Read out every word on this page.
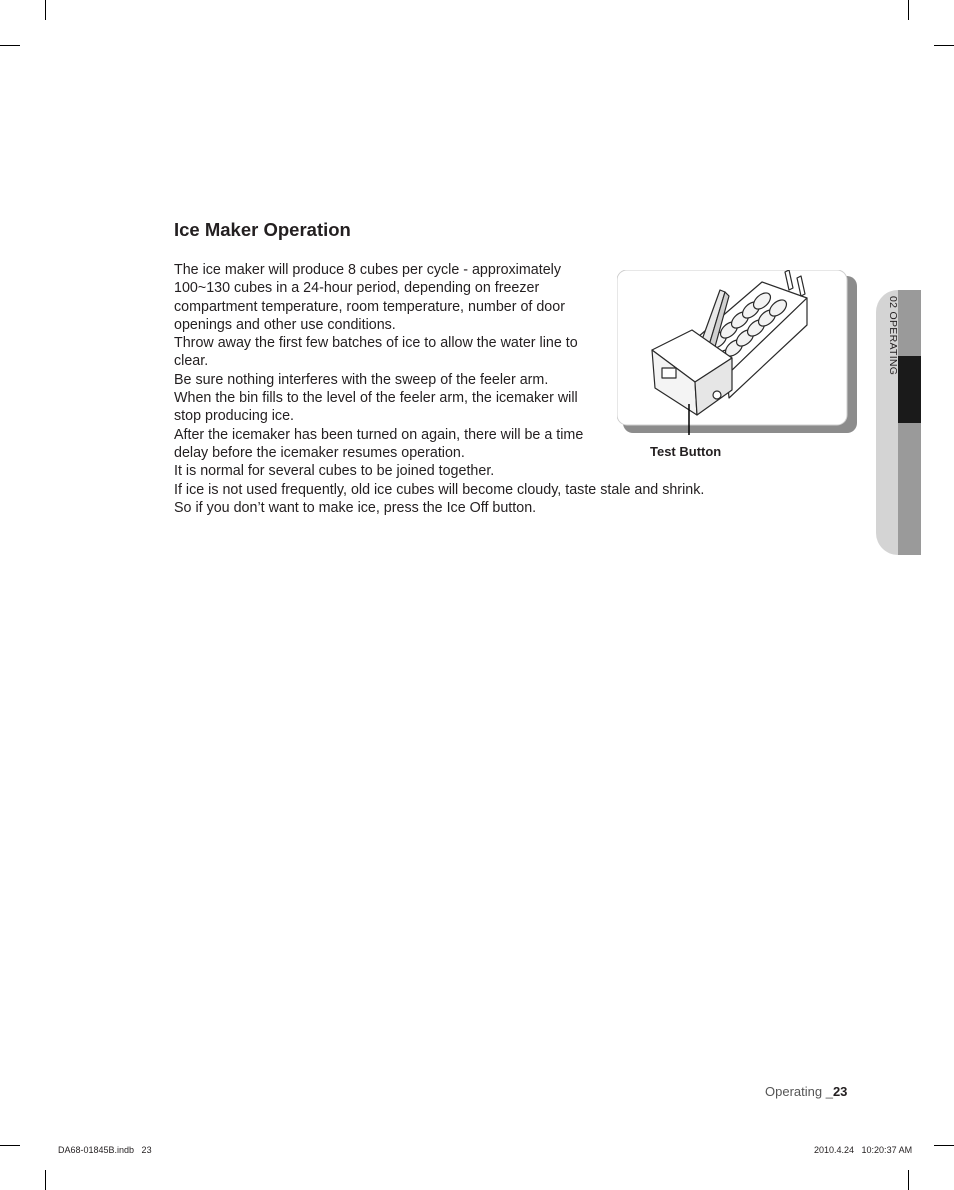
Ice Maker Operation

The ice maker will produce 8 cubes per cycle - approximately

100~130 cubes in a 24-hour period, depending on freezer

compartment temperature, room temperature, number of door

openings and other use conditions.

Throw away the first few batches of ice to allow the water line to

clear.

Be sure nothing interferes with the sweep of the feeler arm.

When the bin fills to the level of the feeler arm, the icemaker will

stop producing ice.

After the icemaker has been turned on again, there will be a time

delay before the icemaker resumes operation.

It is normal for several cubes to be joined together.

If ice is not used frequently, old ice cubes will become cloudy, taste stale and shrink.

So if you don’t want to make ice, press the Ice Off button.

Test Button
02 OPERATING
Operating _23
DA68-01845B.indb   23	2010.4.24   10:20:37 AM
